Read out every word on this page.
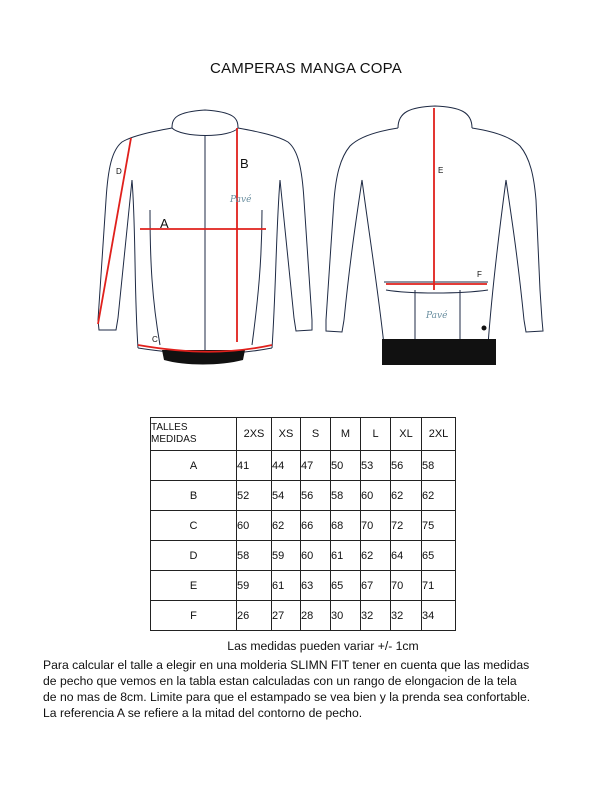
CAMPERAS MANGA COPA
A
B
C
D	E
F
Pavé
Pavé
TALLES
MEDIDAS	2XS	XS	S	M	L	XL	2XL
A	41	44	47	50	53	56	58
B	52	54	56	58	60	62	62
C	60	62	66	68	70	72	75
D	58	59	60	61	62	64	65
E	59	61	63	65	67	70	71
F	26	27	28	30	32	32	34
Las medidas pueden variar +/- 1cm
Para calcular el talle a elegir en una molderia SLIMN FIT tener en cuenta que las medidas
de pecho que vemos en la tabla estan calculadas con un rango de elongacion de la tela
de no mas de 8cm. Limite para que el estampado se vea bien y la prenda sea confortable.
La referencia A se refiere a la mitad del contorno de pecho.
